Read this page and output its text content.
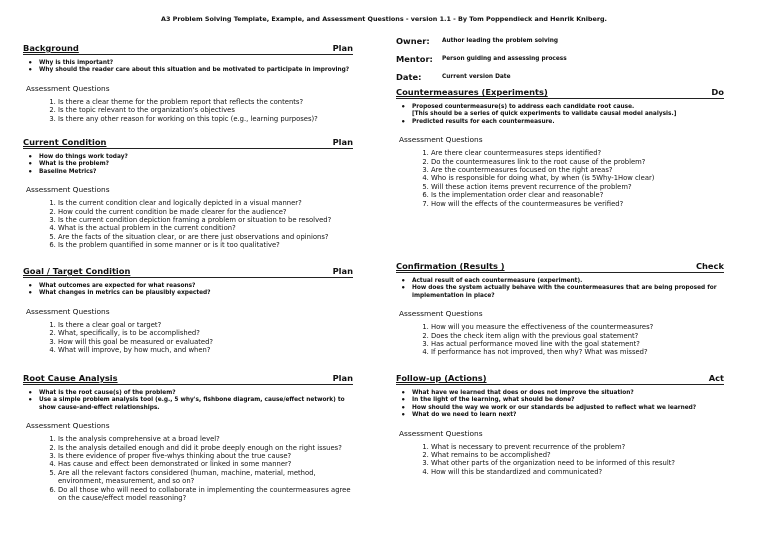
A3 Problem Solving Template, Example, and Assessment Questions - version 1.1 - By Tom Poppendieck and Henrik Kniberg.
Background	Plan
• Why is this important?
• Why should the reader care about this situation and be motivated to participate in improving?
Assessment Questions
1. Is there a clear theme for the problem report that reflects the contents?
2. Is the topic relevant to the organization's objectives
3. Is there any other reason for working on this topic (e.g., learning purposes)?
Current Condition	Plan
• How do things work today?
• What is the problem?
• Baseline Metrics?
Assessment Questions
1. Is the current condition clear and logically depicted in a visual manner?
2. How could the current condition be made clearer for the audience?
3. Is the current condition depiction framing a problem or situation to be resolved?
4. What is the actual problem in the current condition?
5. Are the facts of the situation clear, or are there just observations and opinions?
6. Is the problem quantified in some manner or is it too qualitative?
Goal / Target Condition	Plan
• What outcomes are expected for what reasons?
• What changes in metrics can be plausibly expected?
Assessment Questions
1. Is there a clear goal or target?
2. What, specifically, is to be accomplished?
3. How will this goal be measured or evaluated?
4. What will improve, by how much, and when?
Root Cause Analysis	Plan
• What is the root cause(s) of the problem?
• Use a simple problem analysis tool (e.g., 5 why's, fishbone diagram, cause/effect network) to show cause-and-effect relationships.
Assessment Questions
1. Is the analysis comprehensive at a broad level?
2. Is the analysis detailed enough and did it probe deeply enough on the right issues?
3. Is there evidence of proper five-whys thinking about the true cause?
4. Has cause and effect been demonstrated or linked in some manner?
5. Are all the relevant factors considered (human, machine, material, method, environment, measurement, and so on?
6. Do all those who will need to collaborate in implementing the countermeasures agree on the cause/effect model reasoning?
Owner:	Author leading the problem solving
Mentor:	Person guiding and assessing process
Date:	Current version Date
Countermeasures (Experiments)	Do
• Proposed countermeasure(s) to address each candidate root cause.
[This should be a series of quick experiments to validate causal model analysis.]
• Predicted results for each countermeasure.
Assessment Questions
1. Are there clear countermeasures steps identified?
2. Do the countermeasures link to the root cause of the problem?
3. Are the countermeasures focused on the right areas?
4. Who is responsible for doing what, by when (is 5Why-1How clear)
5. Will these action items prevent recurrence of the problem?
6. Is the implementation order clear and reasonable?
7. How will the effects of the countermeasures be verified?
Confirmation (Results )	Check
• Actual result of each countermeasure (experiment).
• How does the system actually behave with the countermeasures that are being proposed for implementation in place?
Assessment Questions
1. How will you measure the effectiveness of the countermeasures?
2. Does the check item align with the previous goal statement?
3. Has actual performance moved line with the goal statement?
4. If performance has not improved, then why? What was missed?
Follow-up (Actions)	Act
• What have we learned that does or does not improve the situation?
• In the light of the learning, what should be done?
• How should the way we work or our standards be adjusted to reflect what we learned?
• What do we need to learn next?
Assessment Questions
1. What is necessary to prevent recurrence of the problem?
2. What remains to be accomplished?
3. What other parts of the organization need to be informed of this result?
4. How will this be standardized and communicated?
